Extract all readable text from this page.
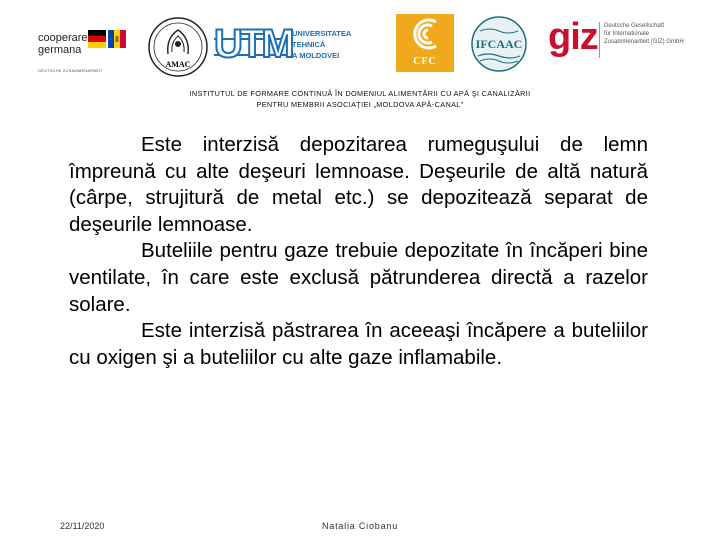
cooperare
germana
DEUTSCHE ZUSAMMENARBEIT
AMAC UTM UNIVERSITATEA TEHNICĂ
A MOLDOVEI
CFC
IFCAAC giz Deutsche Gesellschaft
für Internationale
Zusammenarbeit (GIZ) GmbH
INSTITUTUL DE FORMARE CONTINUĂ ÎN DOMENIUL ALIMENTĂRII CU APĂ ŞI CANALIZĂRII
PENTRU MEMBRII ASOCIAŢIEI „MOLDOVA APĂ-CANAL”

Este interzisă depozitarea rumeguşului de lemn împreună cu alte deşeuri lemnoase. Deşeurile de altă natură (cârpe, strujitură de metal etc.) se depozitează separat de deşeurile lemnoase.

Buteliile pentru gaze trebuie depozitate în încăperi bine ventilate, în care este exclusă pătrunderea directă a razelor solare.

Este interzisă păstrarea în aceeaşi încăpere a buteliilor cu oxigen şi a buteliilor cu alte gaze inflamabile.

22/11/2020	Natalia Ciobanu
